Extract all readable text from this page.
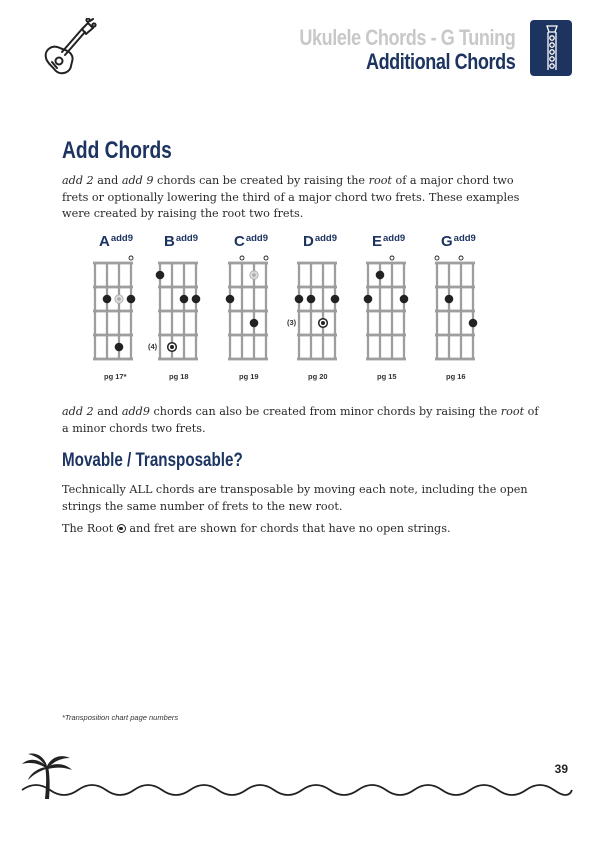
Ukulele Chords - G Tuning
Additional Chords
Add Chords
add 2 and add 9 chords can be created by raising the root of a major chord two frets or optionally lowering the third of a major chord two frets. These examples were created by raising the root two frets.
$A^{add9}$
pg 17*
$B^{add9}$
(4)
pg 18
$C^{add9}$
pg 19
$D^{add9}$
(3)
pg 20
$E^{add9}$
pg 15
$G^{add9}$
pg 16
add 2 and add9 chords can also be created from minor chords by raising the root of a minor chords two frets.
Movable / Transposable?
Technically ALL chords are transposable by moving each note, including the open strings the same number of frets to the new root.
The Root  and fret are shown for chords that have no open strings.
*Transposition chart page numbers
39
